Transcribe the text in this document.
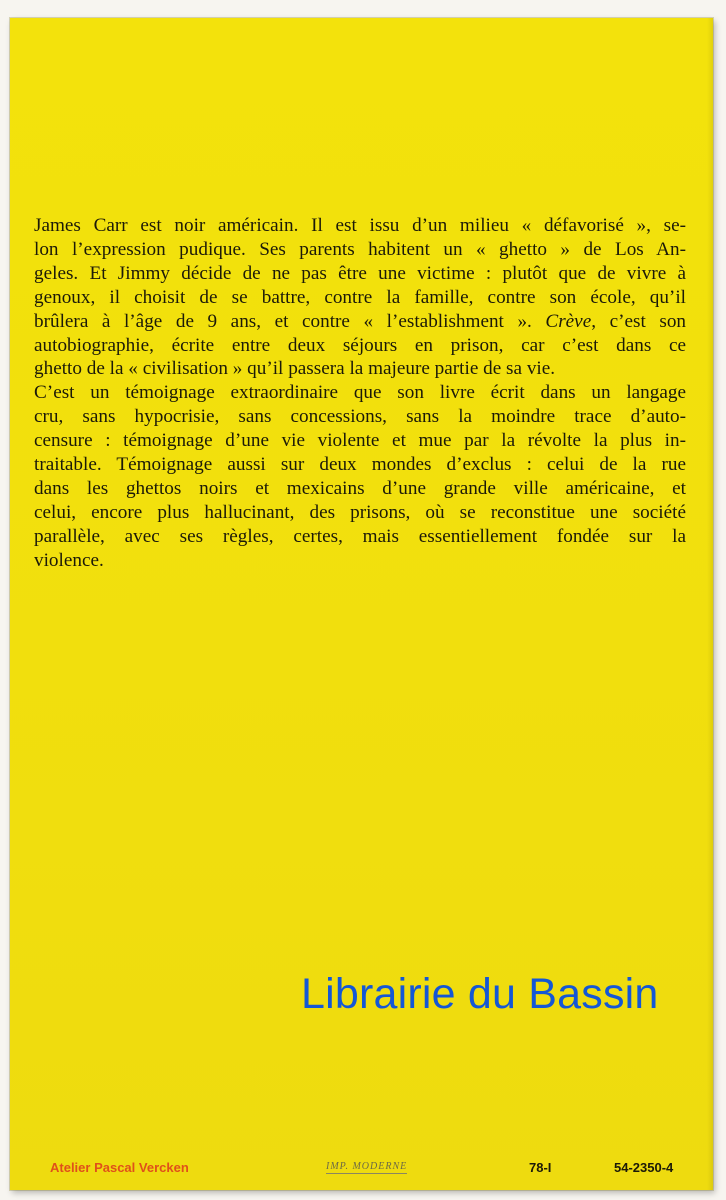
James Carr est noir américain. Il est issu d’un milieu « défavorisé », se-
lon l’expression pudique. Ses parents habitent un « ghetto » de Los An-
geles. Et Jimmy décide de ne pas être une victime : plutôt que de vivre à
genoux, il choisit de se battre, contre la famille, contre son école, qu’il
brûlera à l’âge de 9 ans, et contre « l’establishment ». Crève, c’est son
autobiographie, écrite entre deux séjours en prison, car c’est dans ce
ghetto de la « civilisation » qu’il passera la majeure partie de sa vie.
C’est un témoignage extraordinaire que son livre écrit dans un langage
cru, sans hypocrisie, sans concessions, sans la moindre trace d’auto-
censure : témoignage d’une vie violente et mue par la révolte la plus in-
traitable. Témoignage aussi sur deux mondes d’exclus : celui de la rue
dans les ghettos noirs et mexicains d’une grande ville américaine, et
celui, encore plus hallucinant, des prisons, où se reconstitue une société
parallèle, avec ses règles, certes, mais essentiellement fondée sur la
violence.

Atelier Pascal Vercken	IMP. MODERNE	78-I	54-2350-4
Librairie du Bassin
